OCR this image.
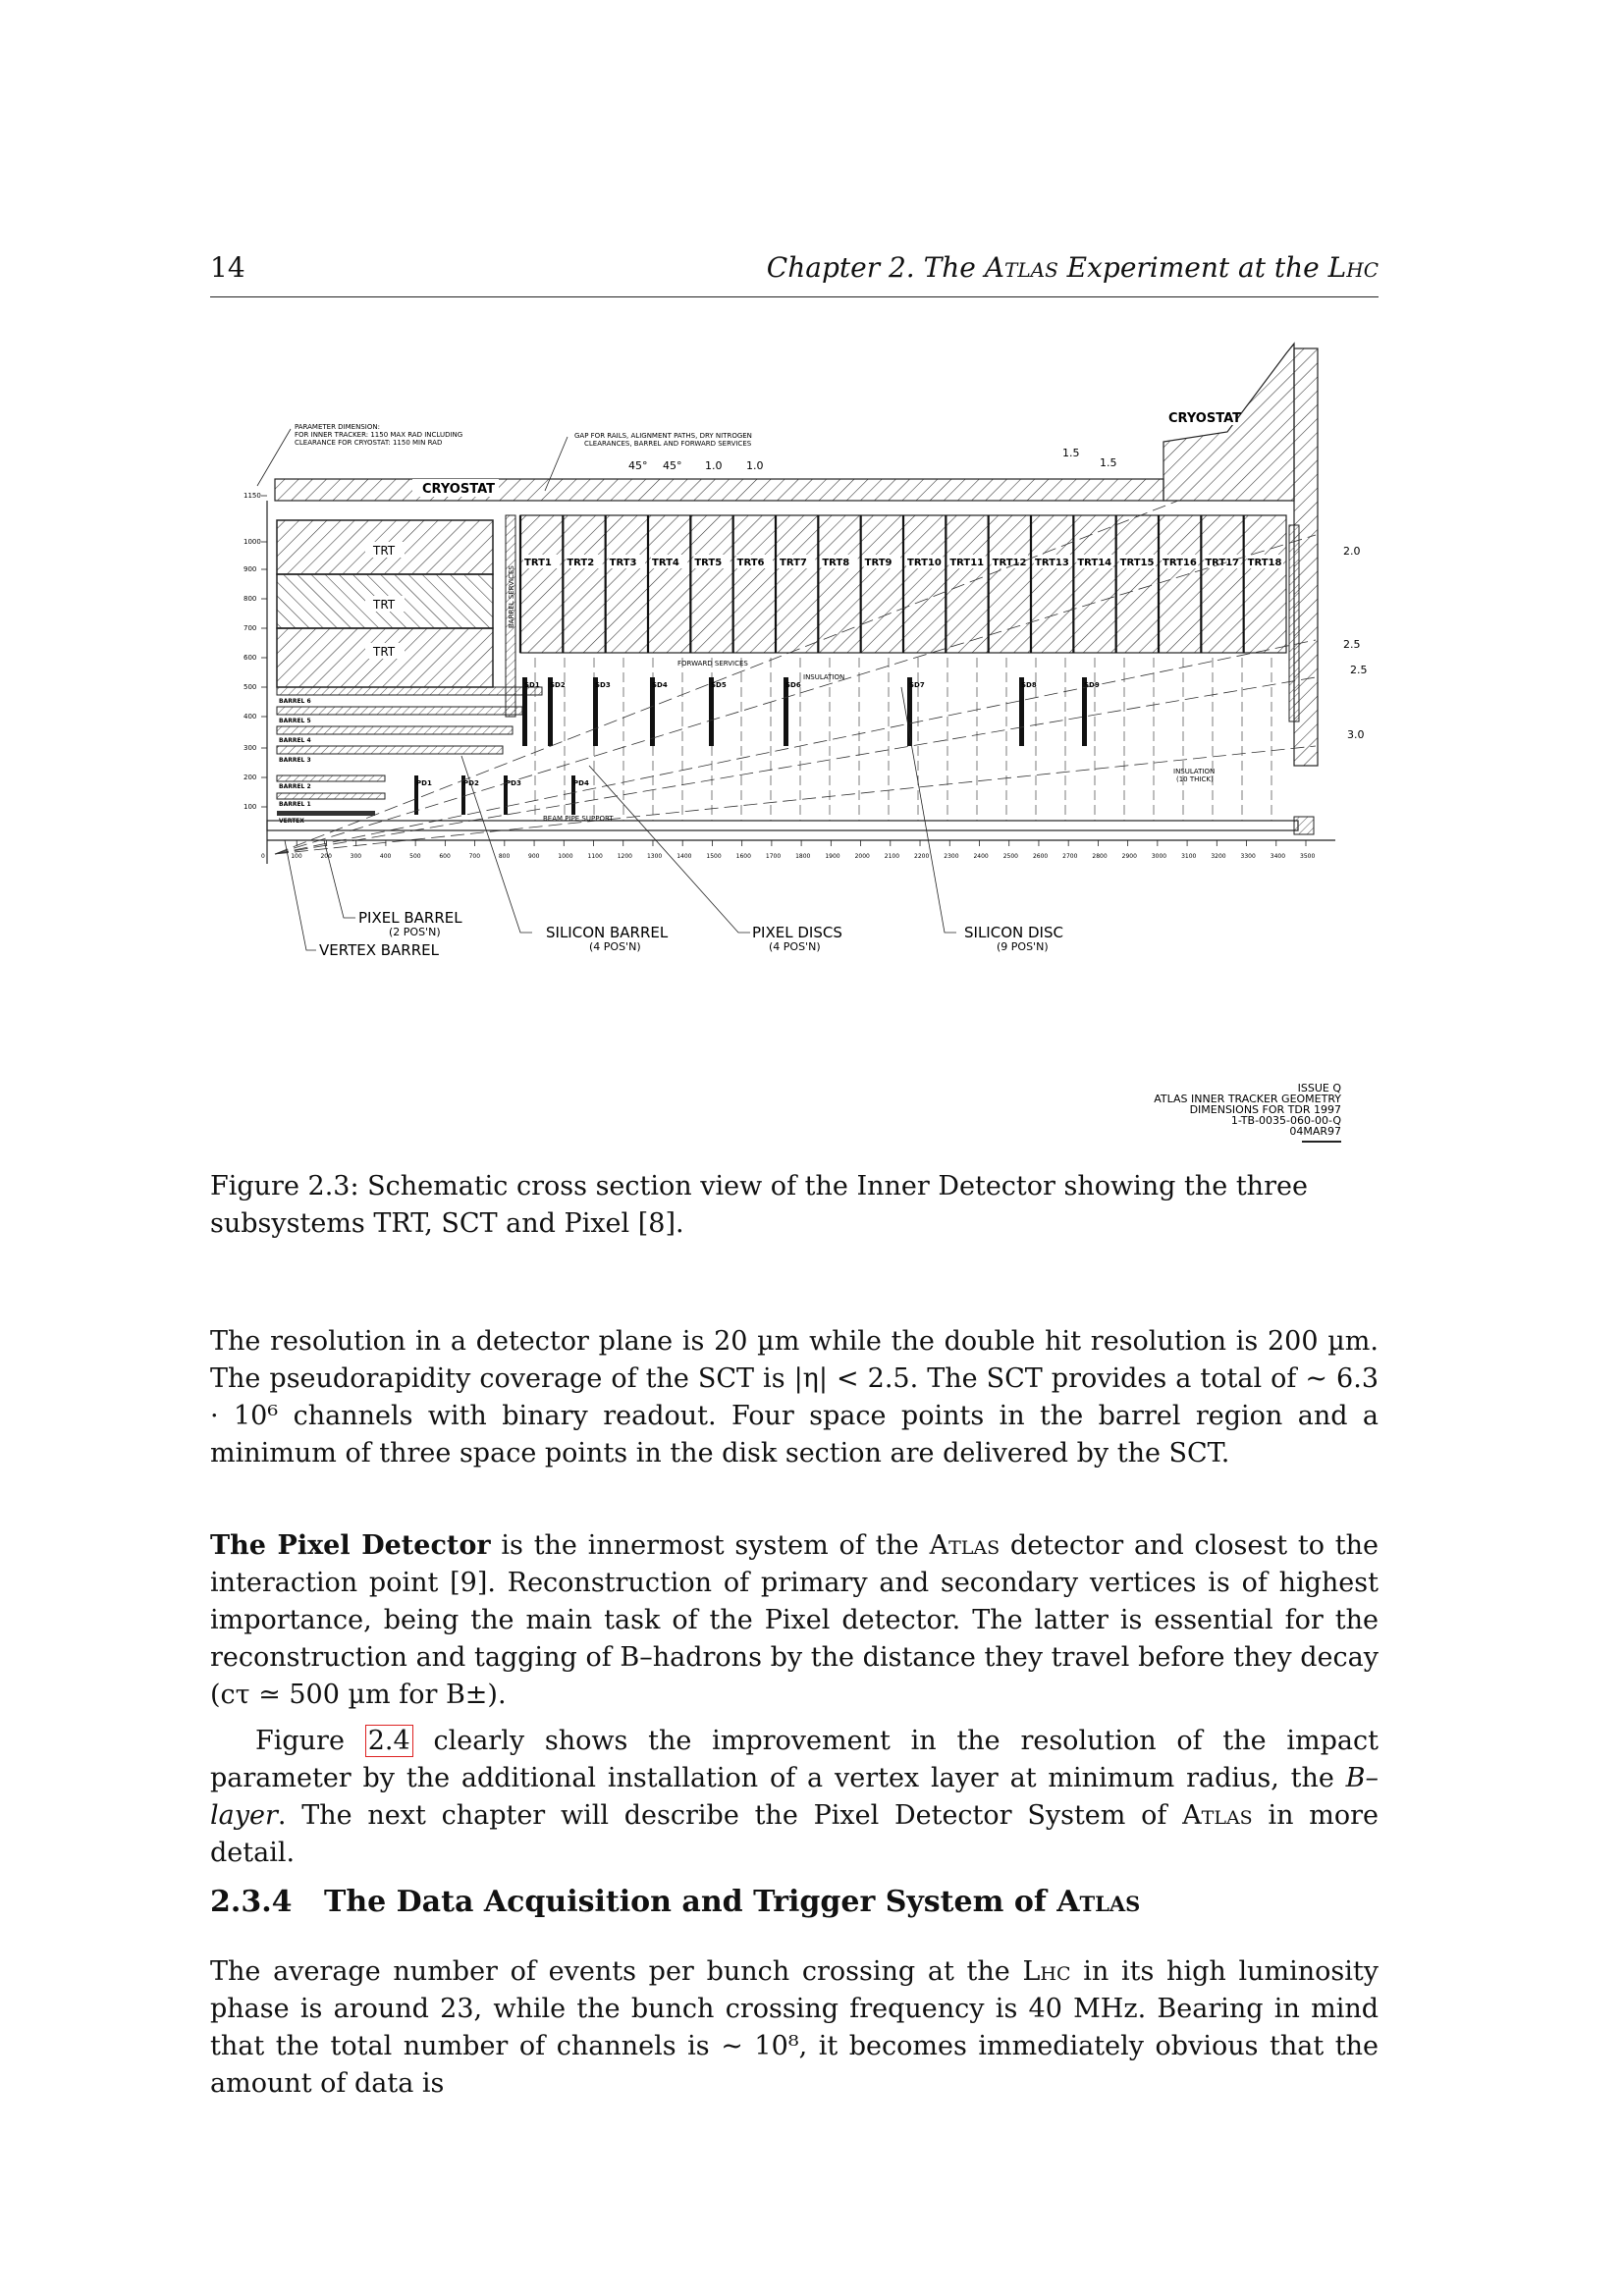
14	Chapter 2. The Atlas Experiment at the Lhc
CRYOSTAT
CRYOSTAT
1150
1000
900
800
700
600
500
400
300
200
100
TRT
TRT
TRT
BARREL SERVICES
TRT1 TRT2 TRT3 TRT4 TRT5 TRT6 TRT7 TRT8 TRT9 TRT10 TRT11 TRT12 TRT13 TRT14 TRT15 TRT16 TRT17 TRT18
BARREL 6
BARREL 5
BARREL 4
BARREL 3
BARREL 2
BARREL 1
VERTEX
SD1 SD2	SD3	SD4	SD5	SD6	SD7	SD8	SD9
PD1	PD2	PD3	PD4
0	100	200	300	400	500	600	700	800	900	1000 1100 1200 1300 1400 1500 1600 1700 1800 1900 2000 2100 2200 2300 2400 2500 2600 2700 2800 2900 3000 3100 3200 3300 3400 3500
PARAMETER DIMENSION:
FOR INNER TRACKER: 1150 MAX RAD INCLUDING
CLEARANCE FOR CRYOSTAT: 1150 MIN RAD
GAP FOR RAILS, ALIGNMENT PATHS, DRY NITROGEN
CLEARANCES, BARREL AND FORWARD SERVICES
45° 45° 1.0 1.0
1.5
1.5
2.0
2.5
2.5
3.0
FORWARD SERVICES
INSULATION
INSULATION
(10 THICK)
BEAM PIPE SUPPORT
PIXEL BARREL
(2 POS'N)
VERTEX BARREL
SILICON BARREL
(4 POS'N)
PIXEL DISCS
(4 POS'N)
SILICON DISC
(9 POS'N)
ISSUE Q
ATLAS INNER TRACKER GEOMETRY
DIMENSIONS FOR TDR 1997
1-TB-0035-060-00-Q
04MAR97
Figure 2.3: Schematic cross section view of the Inner Detector showing the three subsystems TRT, SCT and Pixel [8].

The resolution in a detector plane is 20 µm while the double hit resolution is 200 µm. The pseudorapidity coverage of the SCT is |η| < 2.5. The SCT provides a total of ~ 6.3 · 10⁶ channels with binary readout. Four space points in the barrel region and a minimum of three space points in the disk section are delivered by the SCT.

The Pixel Detector is the innermost system of the Atlas detector and closest to the interaction point [9]. Reconstruction of primary and secondary vertices is of highest importance, being the main task of the Pixel detector. The latter is essential for the reconstruction and tagging of B–hadrons by the distance they travel before they decay (cτ ≃ 500 µm for B±).

Figure 2.4 clearly shows the improvement in the resolution of the impact parameter by the additional installation of a vertex layer at minimum radius, the B–layer. The next chapter will describe the Pixel Detector System of Atlas in more detail.

2.3.4 The Data Acquisition and Trigger System of Atlas

The average number of events per bunch crossing at the Lhc in its high luminosity phase is around 23, while the bunch crossing frequency is 40 MHz. Bearing in mind that the total number of channels is ~ 10⁸, it becomes immediately obvious that the amount of data is
